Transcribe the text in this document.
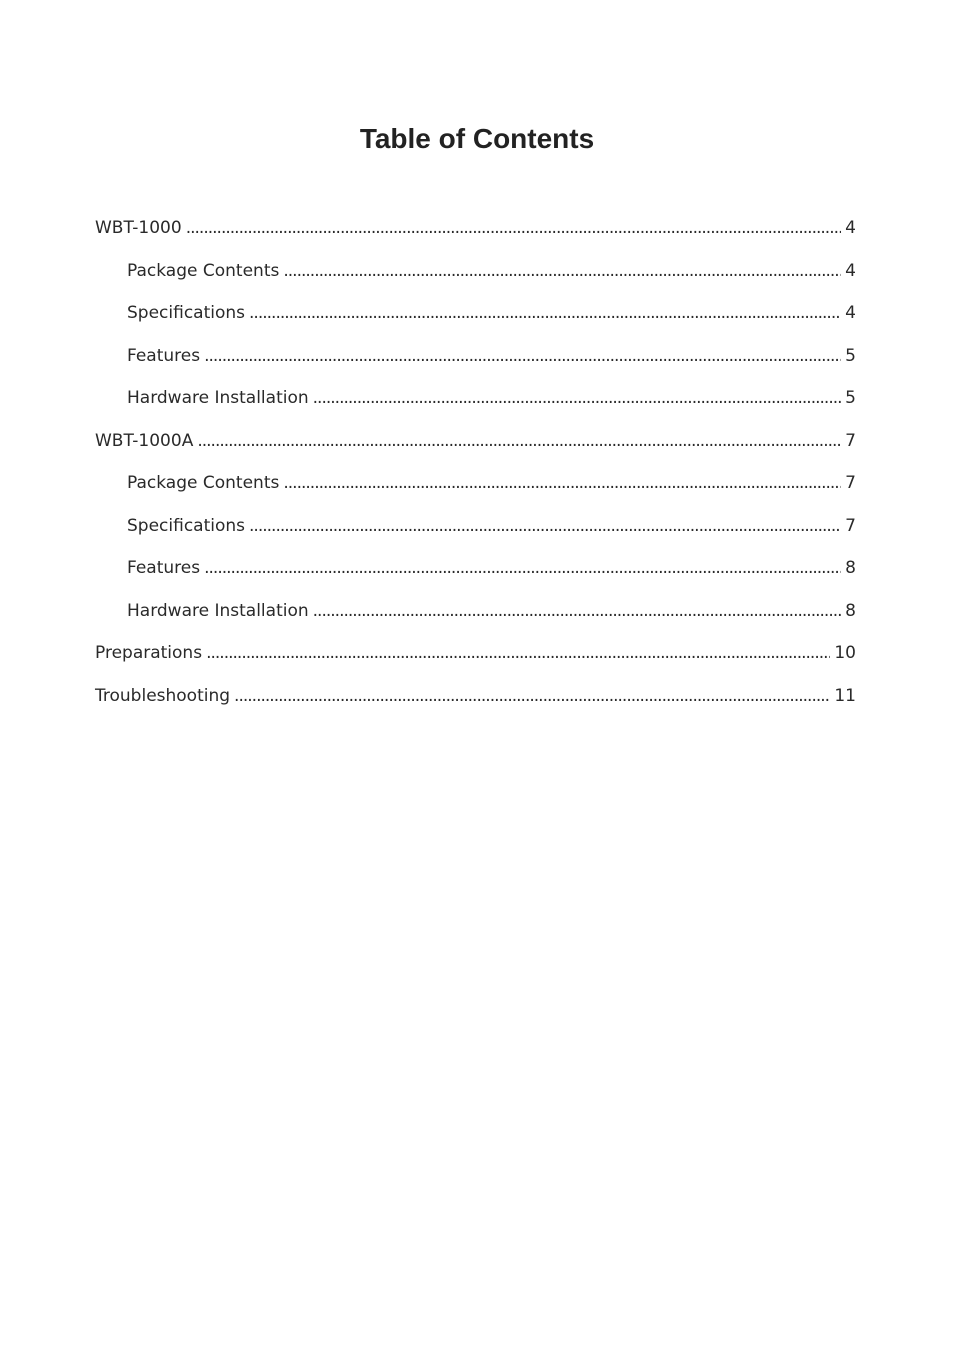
Table of Contents
WBT-1000 . . .	4
Package Contents . . .	4
Specifications . . .	4
Features . . .	5
Hardware Installation . . .	5
WBT-1000A . . .	7
Package Contents . . .	7
Specifications . . .	7
Features . . .	8
Hardware Installation . . .	8
Preparations . . .	10
Troubleshooting . . .	11
